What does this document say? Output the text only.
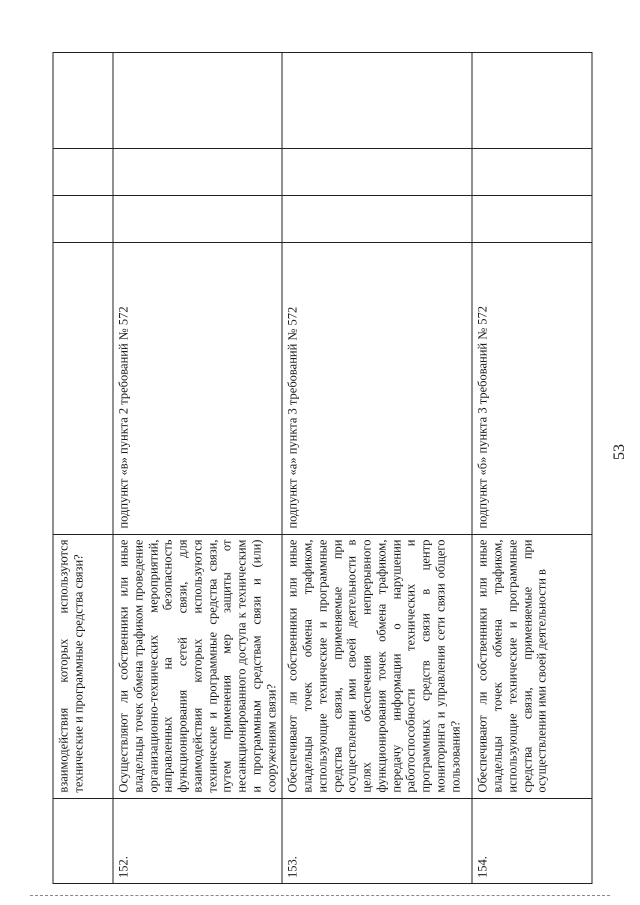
53
	взаимодействия которых используются технические и программные средства связи?				
152.	Осуществляют ли собственники или иные владельцы точек обмена трафиком проведение организационно-технических мероприятий, направленных на безопасность функционирования сетей связи, для взаимодействия которых используются технические и программные средства связи, путем применения мер защиты от несанкционированного доступа к техническим и программным средствам связи и (или) сооружениям связи?	подпункт «в» пункта 2 требований № 572			
153.	Обеспечивают ли собственники или иные владельцы точек обмена трафиком, использующие технические и программные средства связи, применяемые при осуществлении ими своей деятельности в целях обеспечения непрерывного функционирования точек обмена трафиком, передачу информации о нарушении работоспособности технических и программных средств связи в центр мониторинга и управления сети связи общего пользования?	подпункт «а» пункта 3 требований № 572			
154.	Обеспечивают ли собственники или иные владельцы точек обмена трафиком, использующие технические и программные средства связи, применяемые при осуществлении ими своей деятельности в	подпункт «б» пункта 3 требований № 572			
